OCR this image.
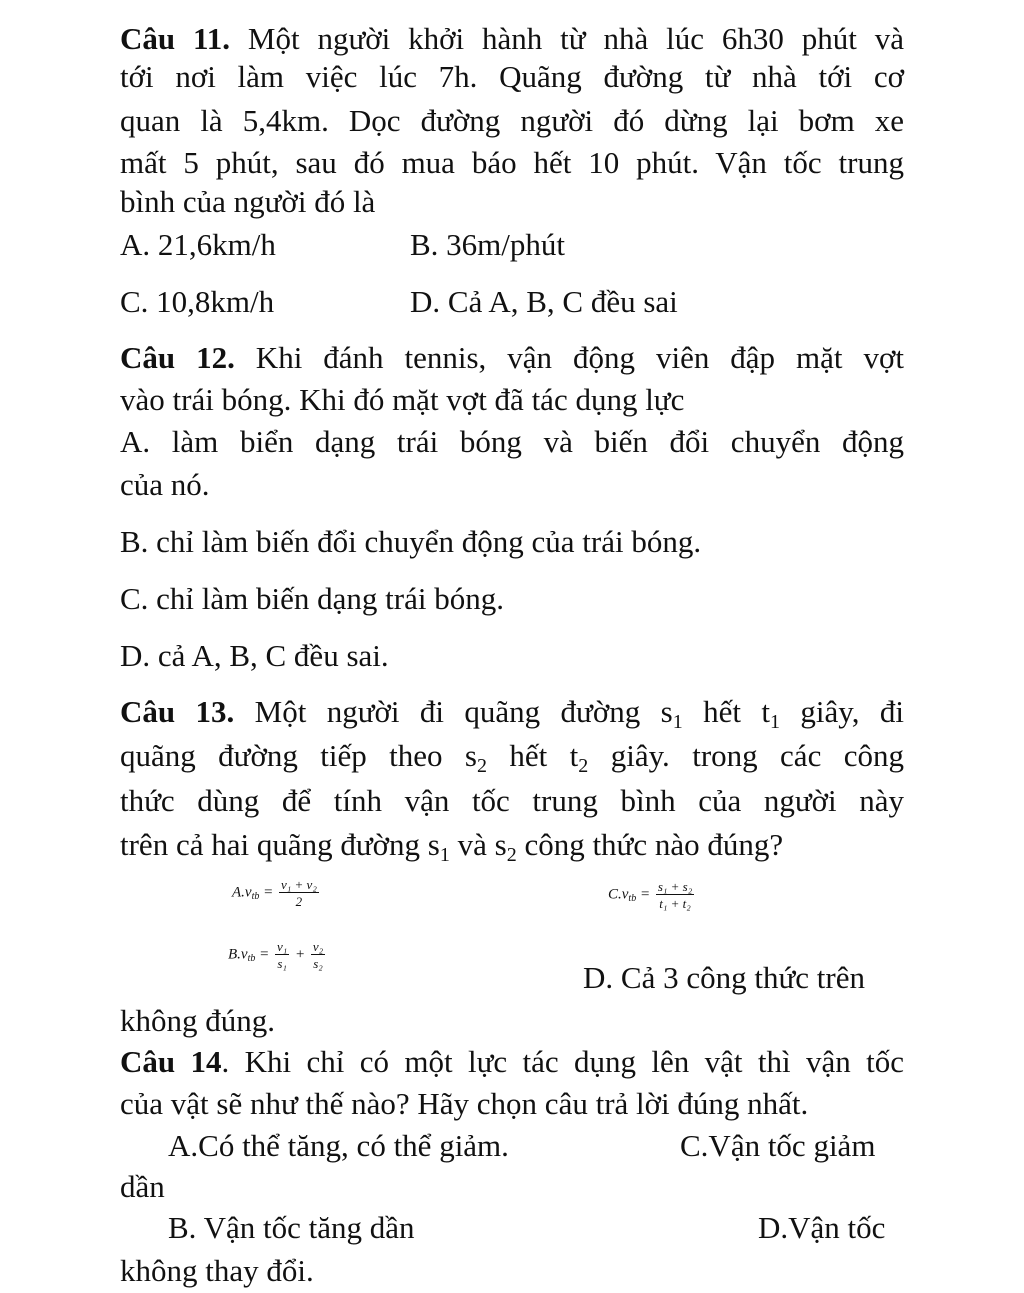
Câu 11. Một người khởi hành từ nhà lúc 6h30 phút và
tới nơi làm việc lúc 7h. Quãng đường từ nhà tới cơ
quan là 5,4km. Dọc đường người đó dừng lại bơm xe
mất 5 phút, sau đó mua báo hết 10 phút. Vận tốc trung
bình của người đó là
A. 21,6km/h	B. 36m/phút
C. 10,8km/h	D. Cả A, B, C đều sai
Câu 12. Khi đánh tennis, vận động viên đập mặt vợt
vào trái bóng. Khi đó mặt vợt đã tác dụng lực
A. làm biển dạng trái bóng và biến đổi chuyển động
của nó.
B. chỉ làm biến đổi chuyển động của trái bóng.
C. chỉ làm biến dạng trái bóng.
D. cả A, B, C đều sai.
Câu 13. Một người đi quãng đường s1 hết t1 giây, đi
quãng đường tiếp theo s2 hết t2 giây. trong các công
thức dùng để tính vận tốc trung bình của người này
trên cả hai quãng đường s1 và s2 công thức nào đúng?
$A.v_{tb} = \frac{\text{v₁ + v₂}}{2}$	$C.v_{tb} = \frac{\text{s₁ + s₂}}{\text{t₁ + t₂}}$
$B.v_{tb} = \frac{\text{v₁}}{\text{s₁}} + \frac{\text{v₂}}{\text{s₂}}$
D. Cả 3 công thức trên
không đúng.
Câu 14. Khi chỉ có một lực tác dụng lên vật thì vận tốc
của vật sẽ như thế nào? Hãy chọn câu trả lời đúng nhất.
A.Có thể tăng, có thể giảm.	C.Vận tốc giảm
dần
B. Vận tốc tăng dần	D.Vận tốc
không thay đổi.
